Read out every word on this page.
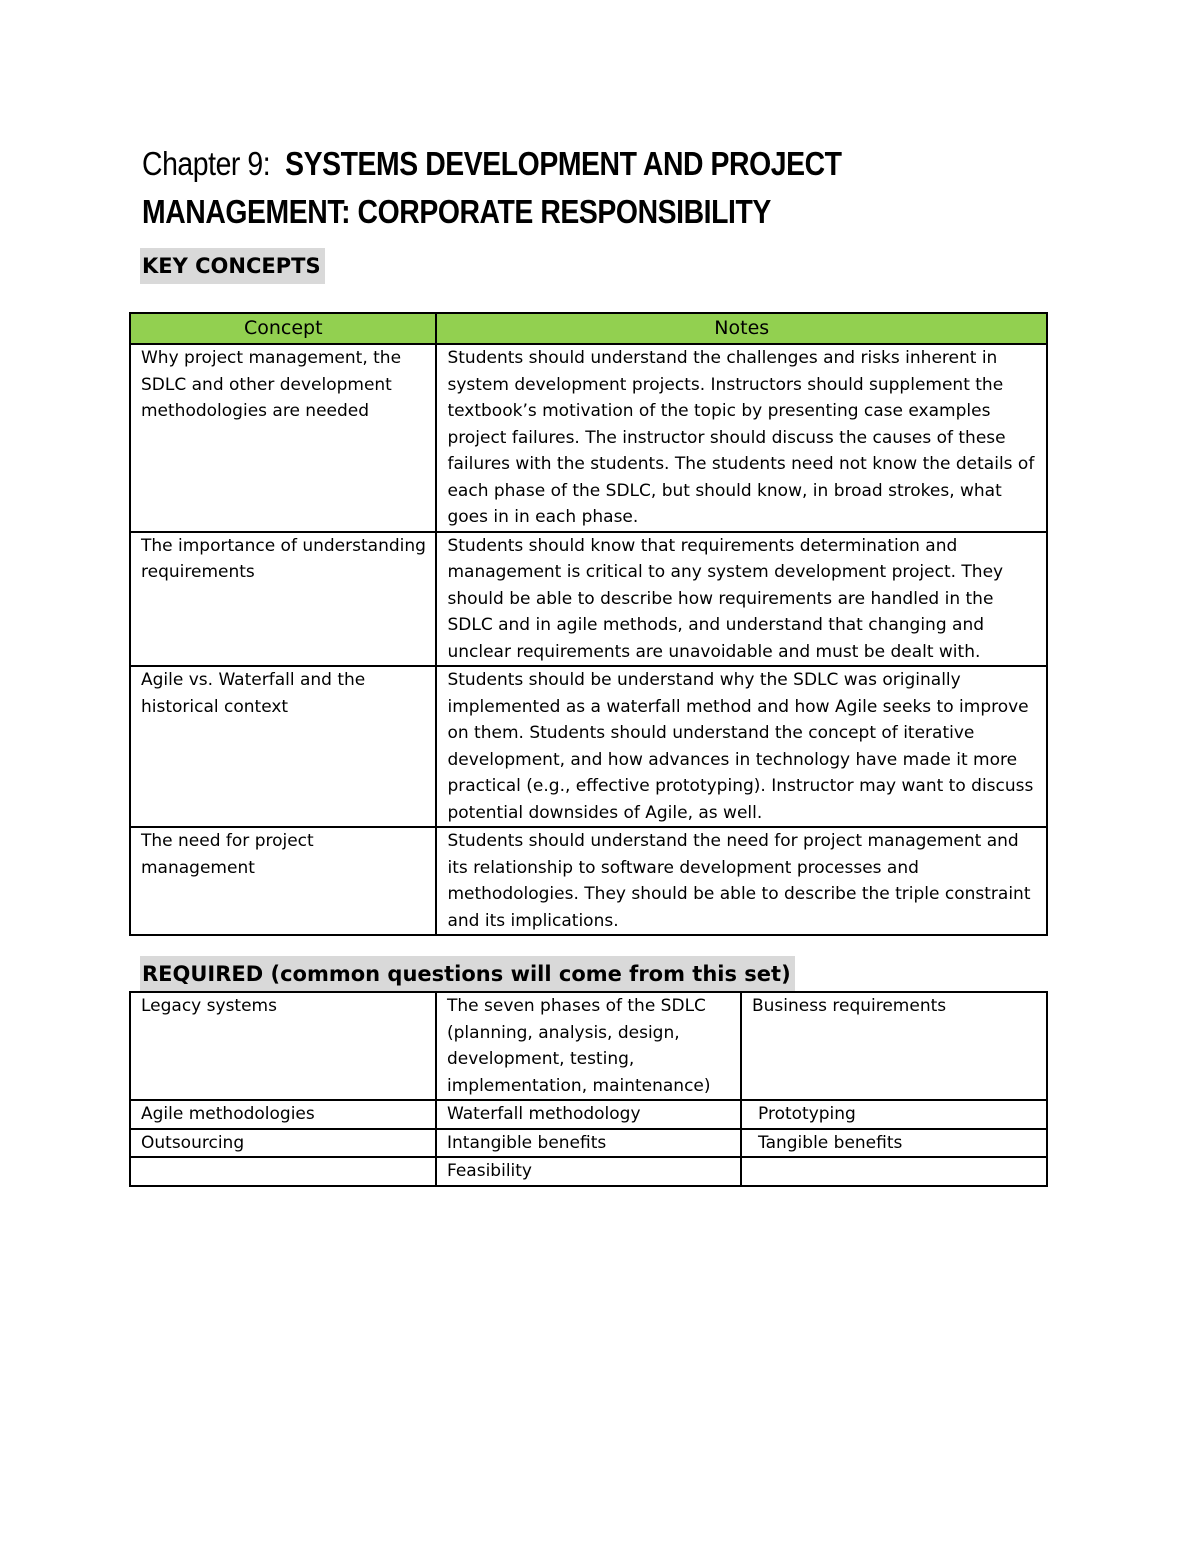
Chapter 9: SYSTEMS DEVELOPMENT AND PROJECT
MANAGEMENT: CORPORATE RESPONSIBILITY
KEY CONCEPTS
Concept	Notes
Why project management, the SDLC and other development methodologies are needed	Students should understand the challenges and risks inherent in system development projects. Instructors should supplement the textbook’s motivation of the topic by presenting case examples project failures. The instructor should discuss the causes of these failures with the students. The students need not know the details of each phase of the SDLC, but should know, in broad strokes, what goes in in each phase.
The importance of understanding requirements	Students should know that requirements determination and management is critical to any system development project. They should be able to describe how requirements are handled in the SDLC and in agile methods, and understand that changing and unclear requirements are unavoidable and must be dealt with.
Agile vs. Waterfall and the historical context	Students should be understand why the SDLC was originally implemented as a waterfall method and how Agile seeks to improve on them. Students should understand the concept of iterative development, and how advances in technology have made it more practical (e.g., effective prototyping). Instructor may want to discuss potential downsides of Agile, as well.
The need for project management	Students should understand the need for project management and its relationship to software development processes and methodologies. They should be able to describe the triple constraint and its implications.
REQUIRED (common questions will come from this set)
Legacy systems	The seven phases of the SDLC (planning, analysis, design, development, testing, implementation, maintenance)	Business requirements
Agile methodologies	Waterfall methodology	Prototyping
Outsourcing	Intangible benefits	Tangible benefits
	Feasibility	
